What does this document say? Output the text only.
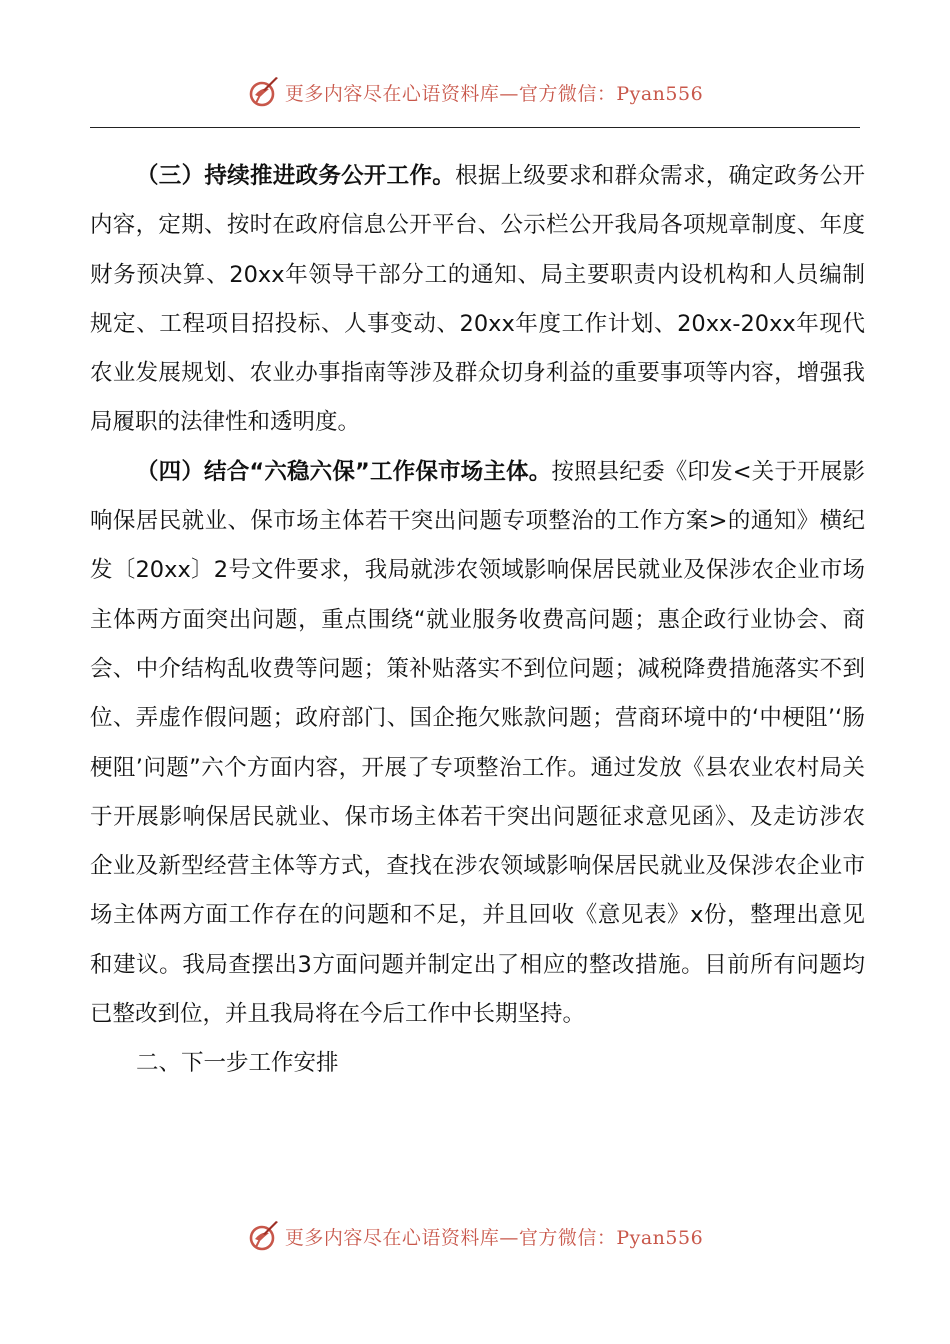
更多内容尽在心语资料库—官方微信：Pyan556

（三）持续推进政务公开工作。根据上级要求和群众需求，确定政务公开内容，定期、按时在政府信息公开平台、公示栏公开我局各项规章制度、年度财务预决算、20xx年领导干部分工的通知、局主要职责内设机构和人员编制规定、工程项目招投标、人事变动、20xx年度工作计划、20xx-20xx年现代农业发展规划、农业办事指南等涉及群众切身利益的重要事项等内容，增强我局履职的法律性和透明度。

（四）结合“六稳六保”工作保市场主体。按照县纪委《印发<关于开展影响保居民就业、保市场主体若干突出问题专项整治的工作方案>的通知》横纪发〔20xx〕2号文件要求，我局就涉农领域影响保居民就业及保涉农企业市场主体两方面突出问题，重点围绕“就业服务收费高问题；惠企政行业协会、商会、中介结构乱收费等问题；策补贴落实不到位问题；减税降费措施落实不到位、弄虚作假问题；政府部门、国企拖欠账款问题；营商环境中的‘中梗阻’‘肠梗阻’问题”六个方面内容，开展了专项整治工作。通过发放《县农业农村局关于开展影响保居民就业、保市场主体若干突出问题征求意见函》、及走访涉农企业及新型经营主体等方式，查找在涉农领域影响保居民就业及保涉农企业市场主体两方面工作存在的问题和不足，并且回收《意见表》x份，整理出意见和建议。我局查摆出3方面问题并制定出了相应的整改措施。目前所有问题均已整改到位，并且我局将在今后工作中长期坚持。

二、下一步工作安排

更多内容尽在心语资料库—官方微信：Pyan556
